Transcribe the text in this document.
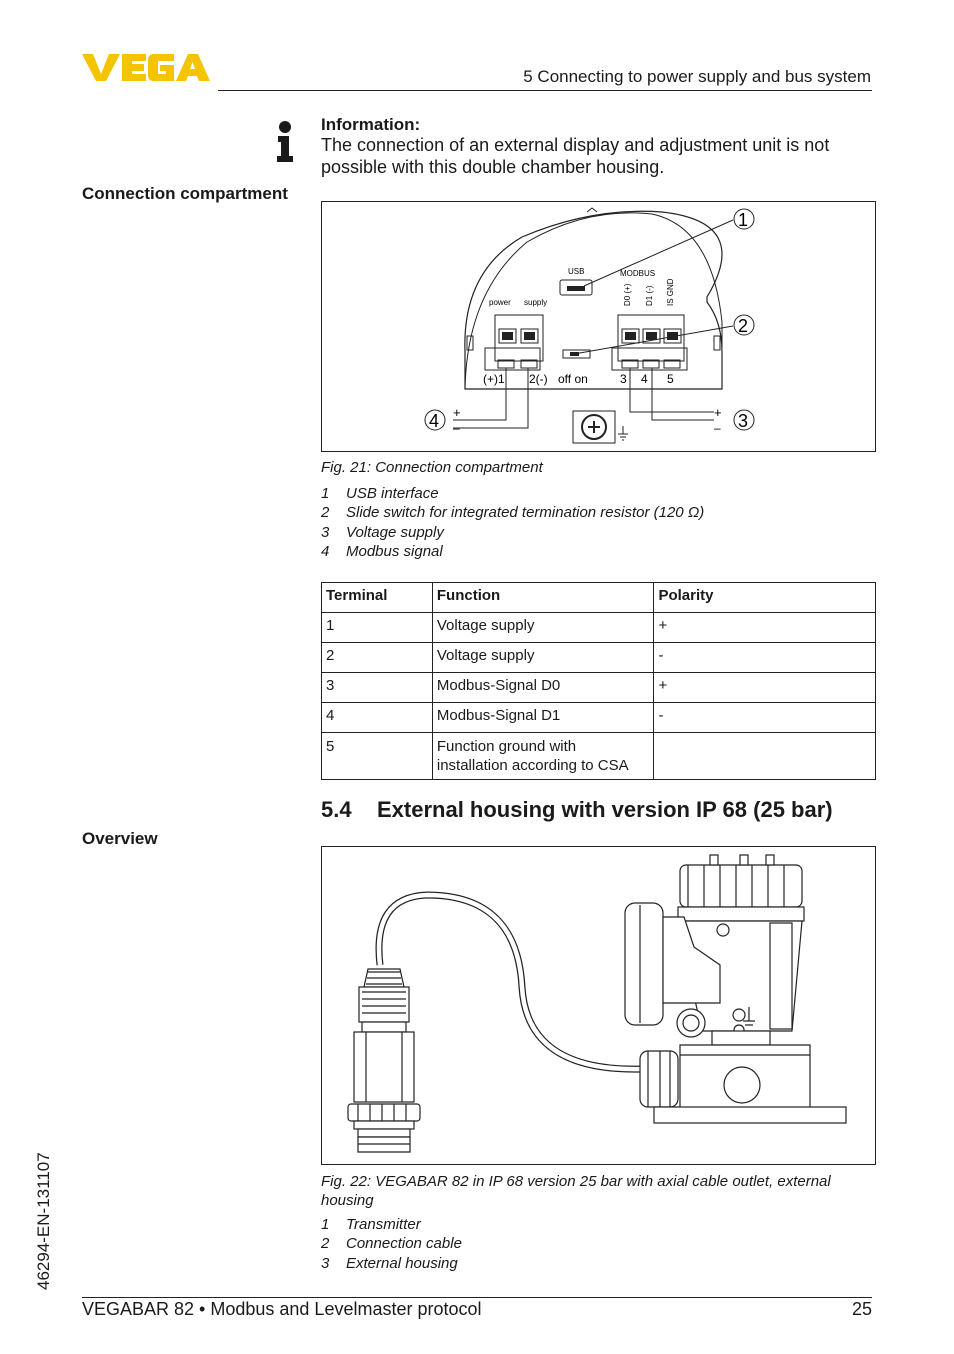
5 Connecting to power supply and bus system
Information:
The connection of an external display and adjustment unit is not possible with this double chamber housing.
Connection compartment
USB	MODBUS
power supply	D0 (+) D1 (-) IS GND
(+)1 2(-) off on	3 4 5
+
–
+
–
1
2
3
4
Fig. 21: Connection compartment
1	USB interface
2	Slide switch for integrated termination resistor (120 Ω)
3	Voltage supply
4	Modbus signal
Terminal	Function	Polarity
1	Voltage supply	+
2	Voltage supply	-
3	Modbus-Signal D0	+
4	Modbus-Signal D1	-
5	Function ground with installation according to CSA	
5.4 External housing with version IP 68 (25 bar)
Overview
Fig. 22: VEGABAR 82 in IP 68 version 25 bar with axial cable outlet, external housing
1	Transmitter
2	Connection cable
3	External housing
46294-EN-131107
VEGABAR 82 • Modbus and Levelmaster protocol	25
